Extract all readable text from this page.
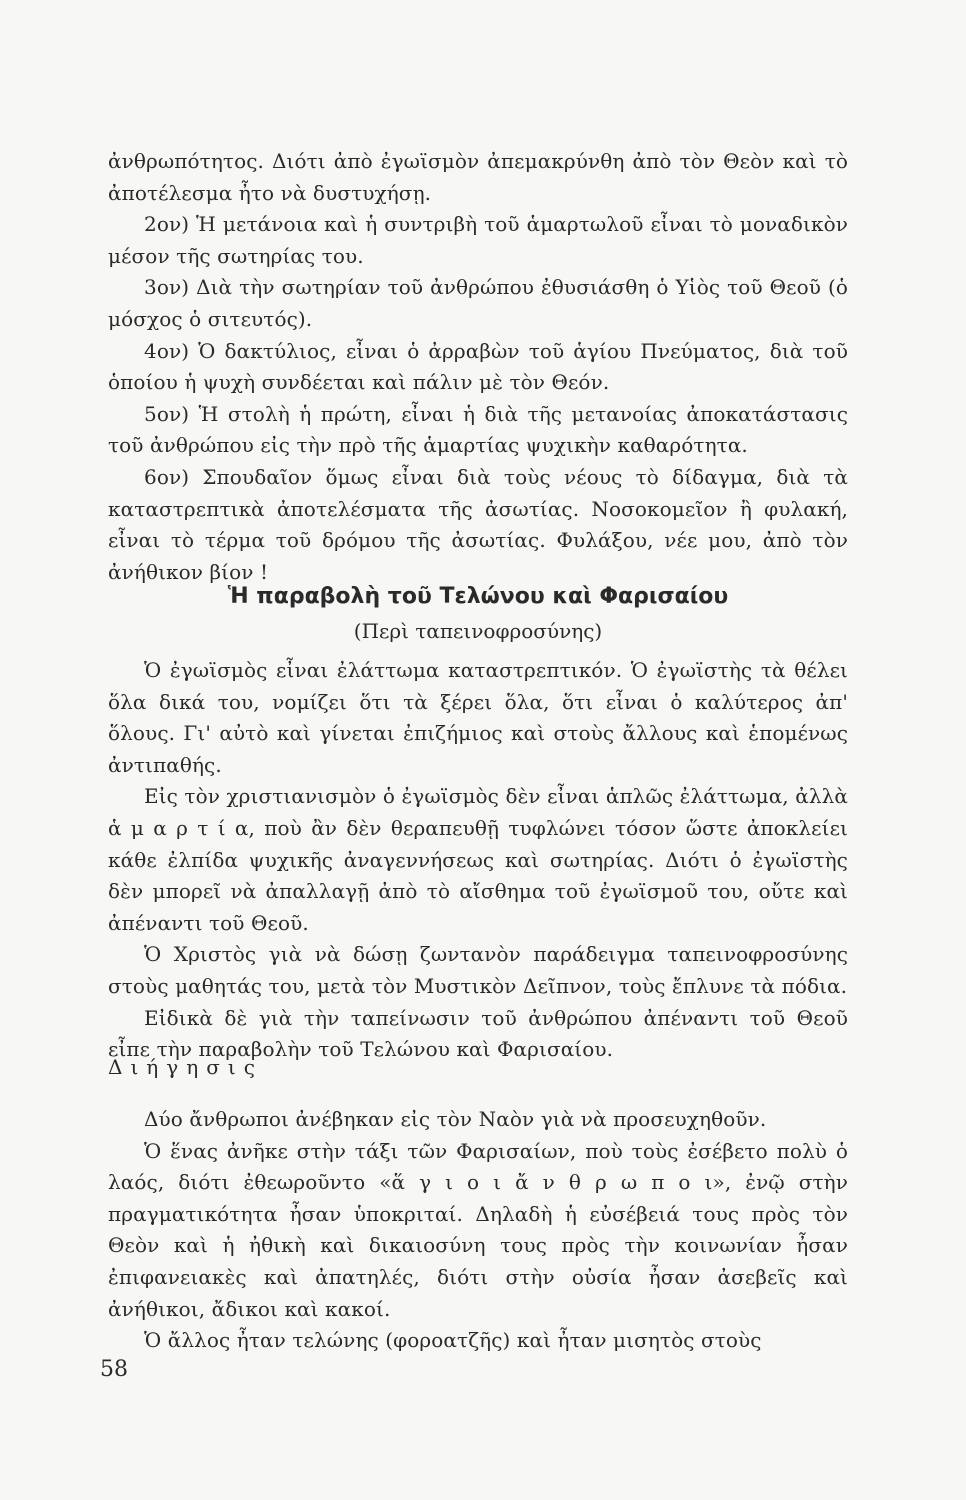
ἀνθρωπότητος. Διότι ἀπὸ ἐγωϊσμὸν ἀπεμακρύνθη ἀπὸ τὸν Θεὸν καὶ τὸ ἀποτέλεσμα ἦτο νὰ δυστυχήσῃ.

2ον) Ἡ μετάνοια καὶ ἡ συντριβὴ τοῦ ἁμαρτωλοῦ εἶναι τὸ μοναδικὸν μέσον τῆς σωτηρίας του.

3ον) Διὰ τὴν σωτηρίαν τοῦ ἀνθρώπου ἐθυσιάσθη ὁ Υἱὸς τοῦ Θεοῦ (ὁ μόσχος ὁ σιτευτός).

4ον) Ὁ δακτύλιος, εἶναι ὁ ἀρραβὼν τοῦ ἁγίου Πνεύματος, διὰ τοῦ ὁποίου ἡ ψυχὴ συνδέεται καὶ πάλιν μὲ τὸν Θεόν.

5ον) Ἡ στολὴ ἡ πρώτη, εἶναι ἡ διὰ τῆς μετανοίας ἀποκατάστασις τοῦ ἀνθρώπου εἰς τὴν πρὸ τῆς ἁμαρτίας ψυχικὴν καθαρότητα.

6ον) Σπουδαῖον ὅμως εἶναι διὰ τοὺς νέους τὸ δίδαγμα, διὰ τὰ καταστρεπτικὰ ἀποτελέσματα τῆς ἀσωτίας. Νοσοκομεῖον ἢ φυλακή, εἶναι τὸ τέρμα τοῦ δρόμου τῆς ἀσωτίας. Φυλάξου, νέε μου, ἀπὸ τὸν ἀνήθικον βίον !

Ἡ παραβολὴ τοῦ Τελώνου καὶ Φαρισαίου
(Περὶ ταπεινοφροσύνης)

Ὁ ἐγωϊσμὸς εἶναι ἐλάττωμα καταστρεπτικόν. Ὁ ἐγωϊστὴς τὰ θέλει ὅλα δικά του, νομίζει ὅτι τὰ ξέρει ὅλα, ὅτι εἶναι ὁ καλύτερος ἀπ' ὅλους. Γι' αὐτὸ καὶ γίνεται ἐπιζήμιος καὶ στοὺς ἄλλους καὶ ἑπομένως ἀντιπαθής.

Εἰς τὸν χριστιανισμὸν ὁ ἐγωϊσμὸς δὲν εἶναι ἁπλῶς ἐλάττωμα, ἀλλὰ ἁ μ α ρ τ ί α, ποὺ ἂν δὲν θεραπευθῇ τυφλώνει τόσον ὥστε ἀποκλείει κάθε ἐλπίδα ψυχικῆς ἀναγεννήσεως καὶ σωτηρίας. Διότι ὁ ἐγωϊστὴς δὲν μπορεῖ νὰ ἀπαλλαγῇ ἀπὸ τὸ αἴσθημα τοῦ ἐγωϊσμοῦ του, οὔτε καὶ ἀπέναντι τοῦ Θεοῦ.

Ὁ Χριστὸς γιὰ νὰ δώσῃ ζωντανὸν παράδειγμα ταπεινοφροσύνης στοὺς μαθητάς του, μετὰ τὸν Μυστικὸν Δεῖπνον, τοὺς ἔπλυνε τὰ πόδια.

Εἰδικὰ δὲ γιὰ τὴν ταπείνωσιν τοῦ ἀνθρώπου ἀπέναντι τοῦ Θεοῦ εἶπε τὴν παραβολὴν τοῦ Τελώνου καὶ Φαρισαίου.

Διήγησις

Δύο ἄνθρωποι ἀνέβηκαν εἰς τὸν Ναὸν γιὰ νὰ προσευχηθοῦν.

Ὁ ἕνας ἀνῆκε στὴν τάξι τῶν Φαρισαίων, ποὺ τοὺς ἐσέβετο πολὺ ὁ λαός, διότι ἐθεωροῦντο «ἅ γ ι ο ι ἄ ν θ ρ ω π ο ι», ἐνῷ στὴν πραγματικότητα ἦσαν ὑποκριταί. Δηλαδὴ ἡ εὐσέβειά τους πρὸς τὸν Θεὸν καὶ ἡ ἠθικὴ καὶ δικαιοσύνη τους πρὸς τὴν κοινωνίαν ἦσαν ἐπιφανειακὲς καὶ ἀπατηλές, διότι στὴν οὐσία ἦσαν ἀσεβεῖς καὶ ἀνήθικοι, ἄδικοι καὶ κακοί.

Ὁ ἄλλος ἦταν τελώνης (φοροατζῆς) καὶ ἦταν μισητὸς στοὺς

58
